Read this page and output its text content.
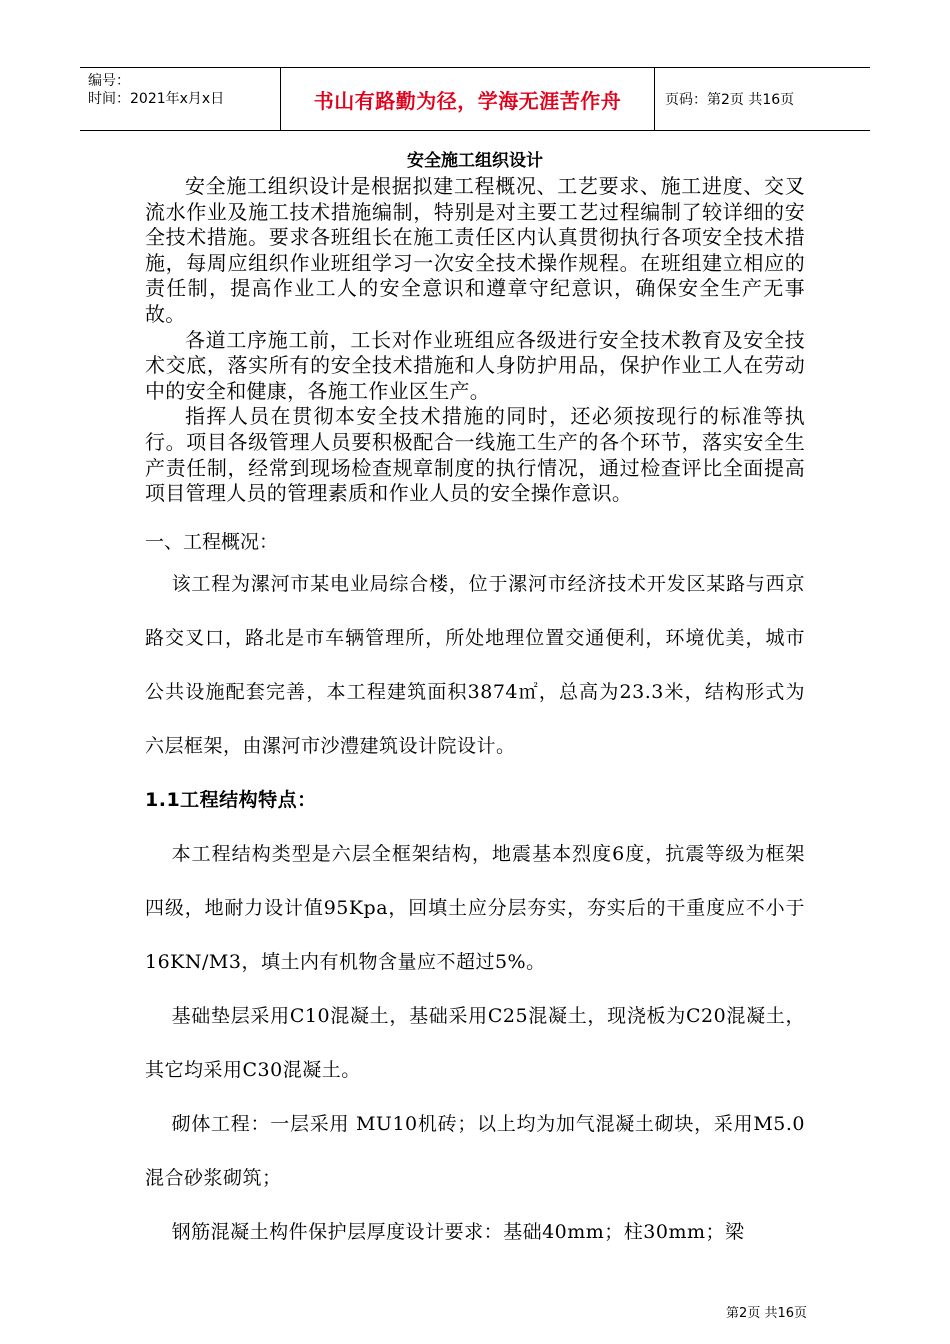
编号：
时间：2021年x月x日	书山有路勤为径，学海无涯苦作舟	页码：第2页 共16页

安全施工组织设计

安全施工组织设计是根据拟建工程概况、工艺要求、施工进度、交叉流水作业及施工技术措施编制，特别是对主要工艺过程编制了较详细的安全技术措施。要求各班组长在施工责任区内认真贯彻执行各项安全技术措施，每周应组织作业班组学习一次安全技术操作规程。在班组建立相应的责任制，提高作业工人的安全意识和遵章守纪意识，确保安全生产无事故。

各道工序施工前，工长对作业班组应各级进行安全技术教育及安全技术交底，落实所有的安全技术措施和人身防护用品，保护作业工人在劳动中的安全和健康，各施工作业区生产。

指挥人员在贯彻本安全技术措施的同时，还必须按现行的标准等执行。项目各级管理人员要积极配合一线施工生产的各个环节，落实安全生产责任制，经常到现场检查规章制度的执行情况，通过检查评比全面提高项目管理人员的管理素质和作业人员的安全操作意识。

一、工程概况：

该工程为漯河市某电业局综合楼，位于漯河市经济技术开发区某路与西京路交叉口，路北是市车辆管理所，所处地理位置交通便利，环境优美，城市公共设施配套完善，本工程建筑面积3874㎡，总高为23.3米，结构形式为六层框架，由漯河市沙澧建筑设计院设计。

1.1工程结构特点：

本工程结构类型是六层全框架结构，地震基本烈度6度，抗震等级为框架四级，地耐力设计值95Kpa，回填土应分层夯实，夯实后的干重度应不小于16KN/M3，填土内有机物含量应不超过5%。

基础垫层采用C10混凝土，基础采用C25混凝土，现浇板为C20混凝土，其它均采用C30混凝土。

砌体工程：一层采用 MU10机砖；以上均为加气混凝土砌块，采用M5.0混合砂浆砌筑；

钢筋混凝土构件保护层厚度设计要求：基础40mm；柱30mm；梁

第2页 共16页
